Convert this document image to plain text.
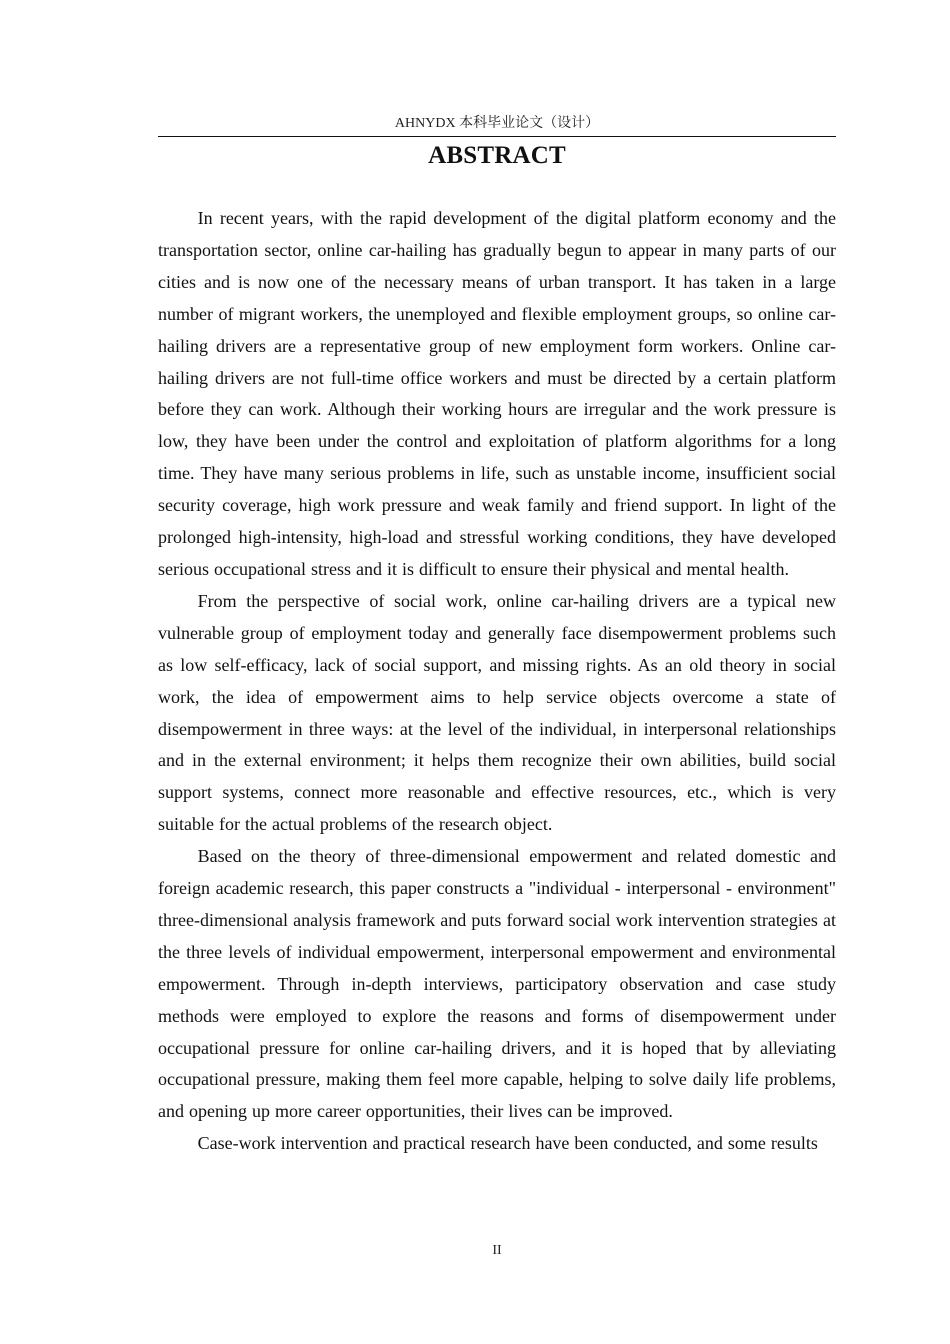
AHNYDX 本科毕业论文（设计）
ABSTRACT

In recent years, with the rapid development of the digital platform economy and the transportation sector, online car-hailing has gradually begun to appear in many parts of our cities and is now one of the necessary means of urban transport. It has taken in a large number of migrant workers, the unemployed and flexible employment groups, so online car-hailing drivers are a representative group of new employment form workers. Online car-hailing drivers are not full-time office workers and must be directed by a certain platform before they can work. Although their working hours are irregular and the work pressure is low, they have been under the control and exploitation of platform algorithms for a long time. They have many serious problems in life, such as unstable income, insufficient social security coverage, high work pressure and weak family and friend support. In light of the prolonged high-intensity, high-load and stressful working conditions, they have developed serious occupational stress and it is difficult to ensure their physical and mental health.

From the perspective of social work, online car-hailing drivers are a typical new vulnerable group of employment today and generally face disempowerment problems such as low self-efficacy, lack of social support, and missing rights. As an old theory in social work, the idea of empowerment aims to help service objects overcome a state of disempowerment in three ways: at the level of the individual, in interpersonal relationships and in the external environment; it helps them recognize their own abilities, build social support systems, connect more reasonable and effective resources, etc., which is very suitable for the actual problems of the research object.

Based on the theory of three-dimensional empowerment and related domestic and foreign academic research, this paper constructs a "individual - interpersonal - environment" three-dimensional analysis framework and puts forward social work intervention strategies at the three levels of individual empowerment, interpersonal empowerment and environmental empowerment. Through in-depth interviews, participatory observation and case study methods were employed to explore the reasons and forms of disempowerment under occupational pressure for online car-hailing drivers, and it is hoped that by alleviating occupational pressure, making them feel more capable, helping to solve daily life problems, and opening up more career opportunities, their lives can be improved.

Case-work intervention and practical research have been conducted, and some results

II
